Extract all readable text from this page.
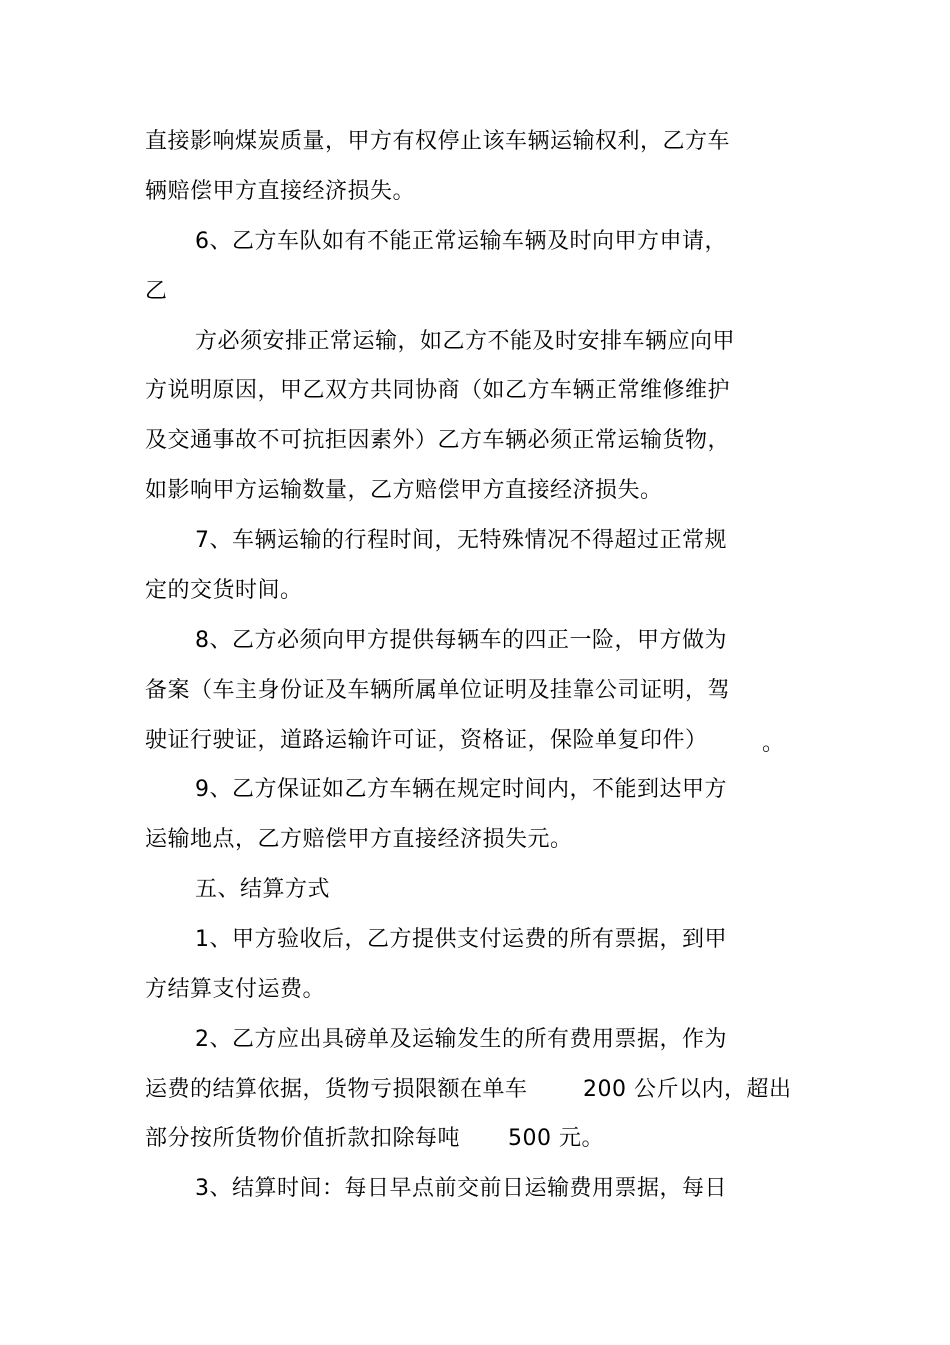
直接影响煤炭质量，甲方有权停止该车辆运输权利，乙方车
辆赔偿甲方直接经济损失。
6、乙方车队如有不能正常运输车辆及时向甲方申请，
乙
方必须安排正常运输，如乙方不能及时安排车辆应向甲
方说明原因，甲乙双方共同协商（如乙方车辆正常维修维护
及交通事故不可抗拒因素外）乙方车辆必须正常运输货物，
如影响甲方运输数量，乙方赔偿甲方直接经济损失。
7、车辆运输的行程时间，无特殊情况不得超过正常规
定的交货时间。
8、乙方必须向甲方提供每辆车的四正一险，甲方做为
备案（车主身份证及车辆所属单位证明及挂靠公司证明，驾
驶证行驶证，道路运输许可证，资格证，保险单复印件） 。
9、乙方保证如乙方车辆在规定时间内，不能到达甲方
运输地点，乙方赔偿甲方直接经济损失元。
五、结算方式
1、甲方验收后，乙方提供支付运费的所有票据，到甲
方结算支付运费。
2、乙方应出具磅单及运输发生的所有费用票据，作为
运费的结算依据，货物亏损限额在单车	200 公斤以内，超出
部分按所货物价值折款扣除每吨 500 元。
3、结算时间：每日早点前交前日运输费用票据，每日
